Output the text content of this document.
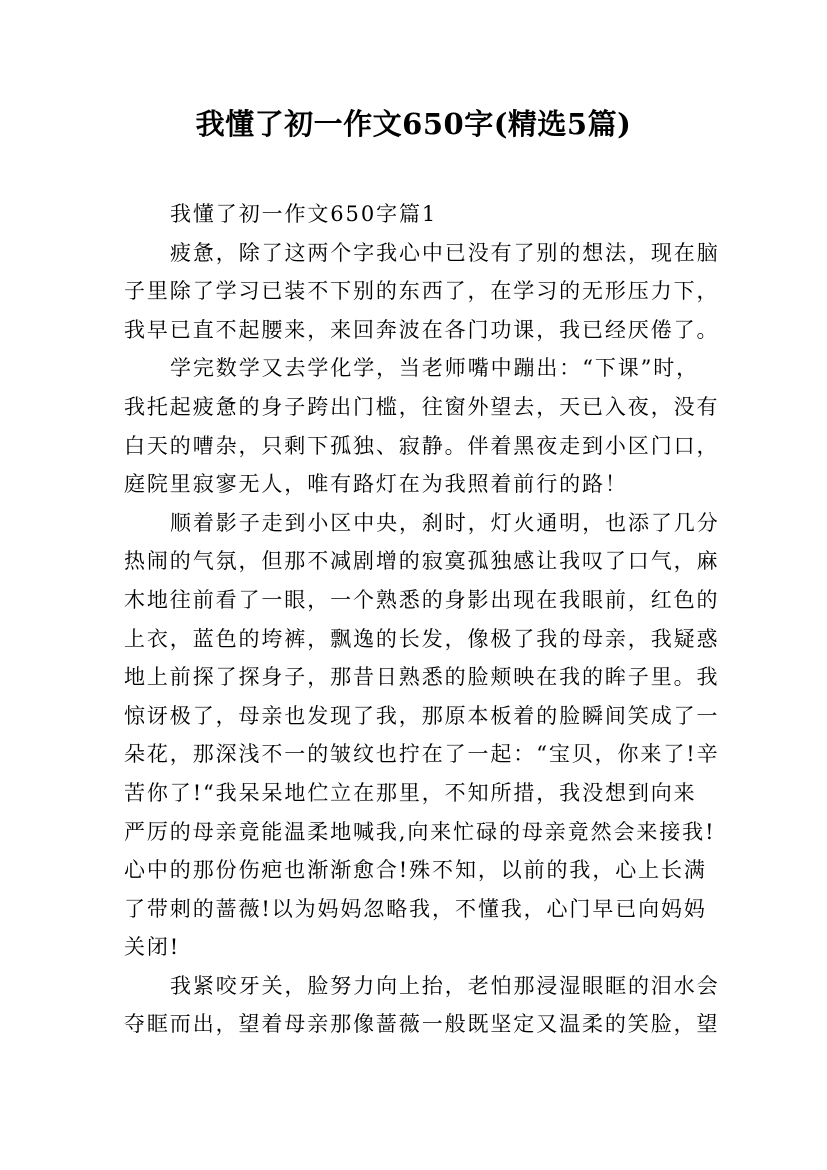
我懂了初一作文650字(精选5篇)
我懂了初一作文650字篇1
疲惫，除了这两个字我心中已没有了别的想法，现在脑
子里除了学习已装不下别的东西了，在学习的无形压力下，
我早已直不起腰来，来回奔波在各门功课，我已经厌倦了。
学完数学又去学化学，当老师嘴中蹦出：“下课”时，
我托起疲惫的身子跨出门槛，往窗外望去，天已入夜，没有
白天的嘈杂，只剩下孤独、寂静。伴着黑夜走到小区门口，
庭院里寂寥无人，唯有路灯在为我照着前行的路！
顺着影子走到小区中央，刹时，灯火通明，也添了几分
热闹的气氛，但那不减剧增的寂寞孤独感让我叹了口气，麻
木地往前看了一眼，一个熟悉的身影出现在我眼前，红色的
上衣，蓝色的垮裤，飘逸的长发，像极了我的母亲，我疑惑
地上前探了探身子，那昔日熟悉的脸颊映在我的眸子里。我
惊讶极了，母亲也发现了我，那原本板着的脸瞬间笑成了一
朵花，那深浅不一的皱纹也拧在了一起：“宝贝，你来了!辛
苦你了!“我呆呆地伫立在那里，不知所措，我没想到向来
严厉的母亲竟能温柔地喊我,向来忙碌的母亲竟然会来接我!
心中的那份伤疤也渐渐愈合!殊不知，以前的我，心上长满
了带刺的蔷薇!以为妈妈忽略我，不懂我，心门早已向妈妈
关闭!
我紧咬牙关，脸努力向上抬，老怕那浸湿眼眶的泪水会
夺眶而出，望着母亲那像蔷薇一般既坚定又温柔的笑脸，望
